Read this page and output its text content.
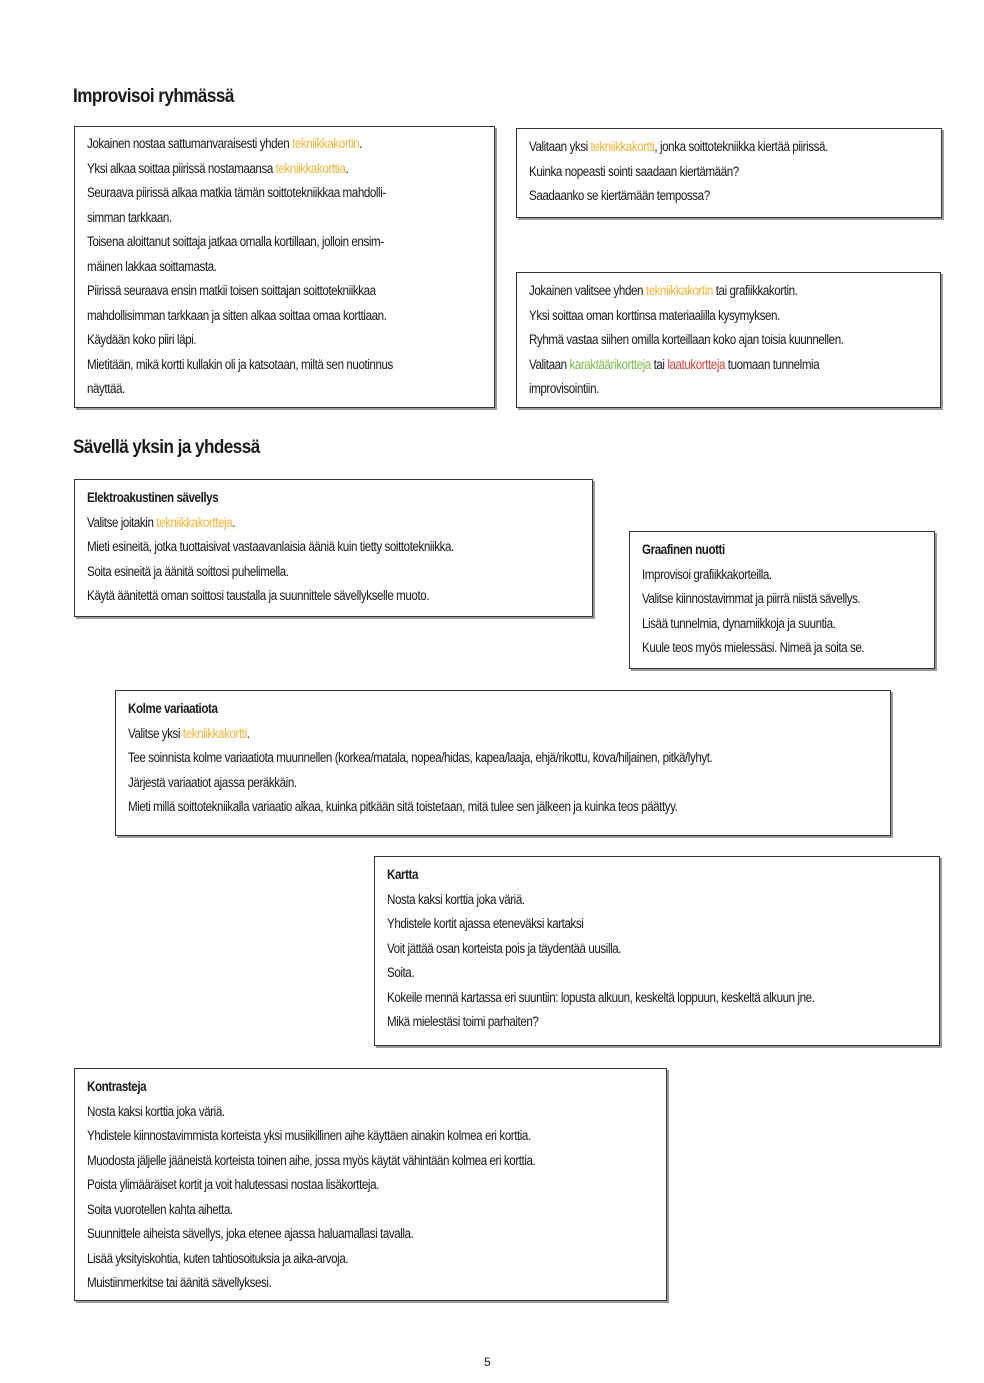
Improvisoi ryhmässä
Jokainen nostaa sattumanvaraisesti yhden tekniikkakortin.
Yksi alkaa soittaa piirissä nostamaansa tekniikkakorttia.
Seuraava piirissä alkaa matkia tämän soittotekniikkaa mahdolli-
simman tarkkaan.
Toisena aloittanut soittaja jatkaa omalla kortillaan, jolloin ensim-
mäinen lakkaa soittamasta.
Piirissä seuraava ensin matkii toisen soittajan soittotekniikkaa
mahdollisimman tarkkaan ja sitten alkaa soittaa omaa korttiaan.
Käydään koko piiri läpi.
Mietitään, mikä kortti kullakin oli ja katsotaan, miltä sen nuotinnus
näyttää.
Valitaan yksi tekniikkakortti, jonka soittotekniikka kiertää piirissä.
Kuinka nopeasti sointi saadaan kiertämään?
Saadaanko se kiertämään tempossa?
Jokainen valitsee yhden tekniikkakortin tai grafiikkakortin.
Yksi soittaa oman korttinsa materiaalilla kysymyksen.
Ryhmä vastaa siihen omilla korteillaan koko ajan toisia kuunnellen.
Valitaan karaktäärikortteja tai laatukortteja tuomaan tunnelmia
improvisointiin.
Sävellä yksin ja yhdessä
Elektroakustinen sävellys
Valitse joitakin tekniikkakortteja.
Mieti esineitä, jotka tuottaisivat vastaavanlaisia ääniä kuin tietty soittotekniikka.
Soita esineitä ja äänitä soittosi puhelimella.
Käytä äänitettä oman soittosi taustalla ja suunnittele sävellykselle muoto.
Graafinen nuotti
Improvisoi grafiikkakorteilla.
Valitse kiinnostavimmat ja piirrä niistä sävellys.
Lisää tunnelmia, dynamiikkoja ja suuntia.
Kuule teos myös mielessäsi. Nimeä ja soita se.
Kolme variaatiota
Valitse yksi tekniikkakortti.
Tee soinnista kolme variaatiota muunnellen (korkea/matala, nopea/hidas, kapea/laaja, ehjä/rikottu, kova/hiljainen, pitkä/lyhyt.
Järjestä variaatiot ajassa peräkkäin.
Mieti millä soittotekniikalla variaatio alkaa, kuinka pitkään sitä toistetaan, mitä tulee sen jälkeen ja kuinka teos päättyy.
Kartta
Nosta kaksi korttia joka väriä.
Yhdistele kortit ajassa eteneväksi kartaksi
Voit jättää osan korteista pois ja täydentää uusilla.
Soita.
Kokeile mennä kartassa eri suuntiin: lopusta alkuun, keskeltä loppuun, keskeltä alkuun jne.
Mikä mielestäsi toimi parhaiten?
Kontrasteja
Nosta kaksi korttia joka väriä.
Yhdistele kiinnostavimmista korteista yksi musiikillinen aihe käyttäen ainakin kolmea eri korttia.
Muodosta jäljelle jääneistä korteista toinen aihe, jossa myös käytät vähintään kolmea eri korttia.
Poista ylimääräiset kortit ja voit halutessasi nostaa lisäkortteja.
Soita vuorotellen kahta aihetta.
Suunnittele aiheista sävellys, joka etenee ajassa haluamallasi tavalla.
Lisää yksityiskohtia, kuten tahtiosoituksia ja aika-arvoja.
Muistiinmerkitse tai äänitä sävellyksesi.
5
